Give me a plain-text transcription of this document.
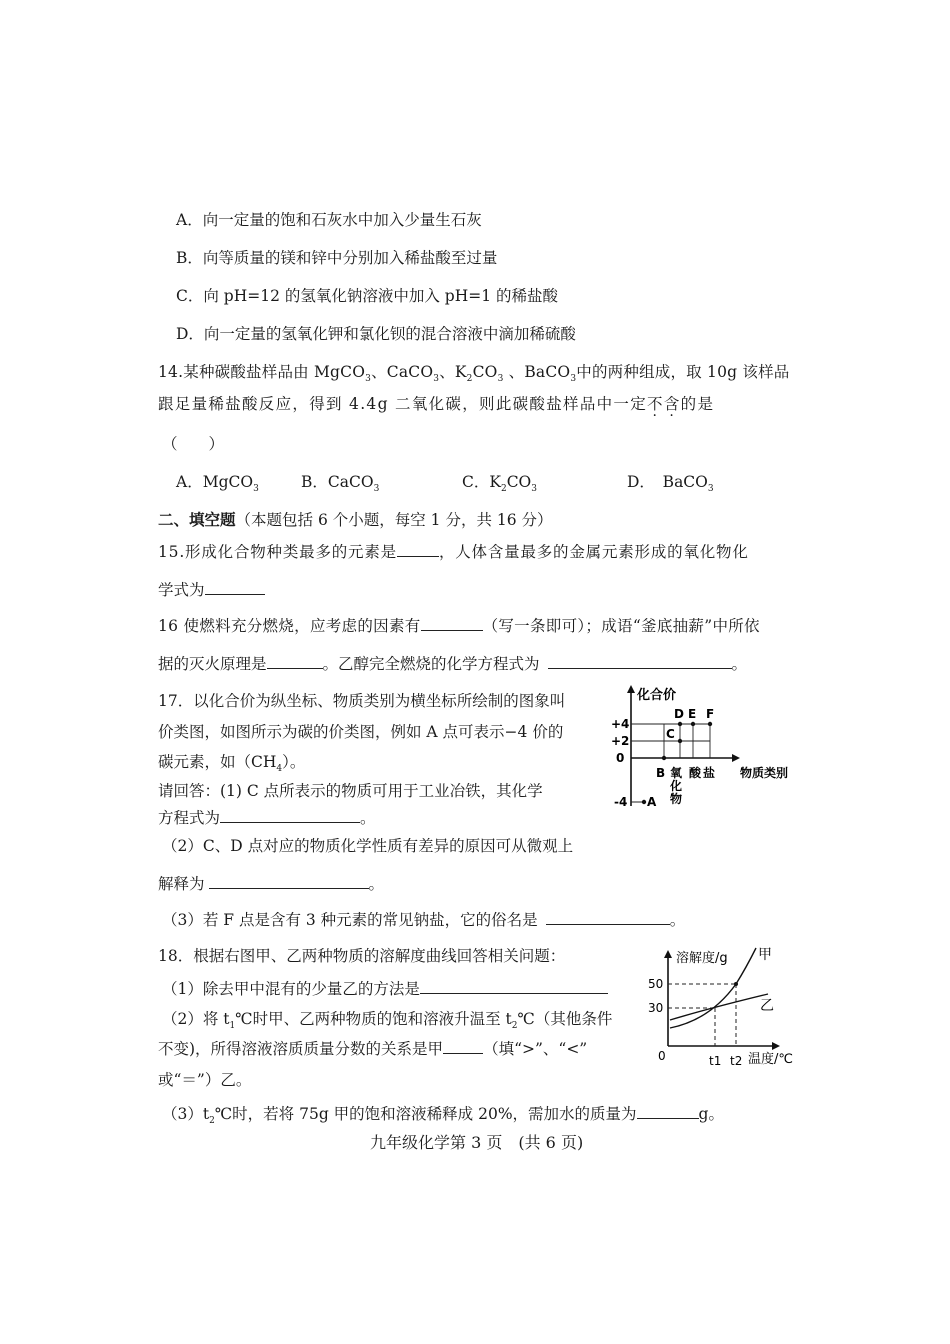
A．向一定量的饱和石灰水中加入少量生石灰
B．向等质量的镁和锌中分别加入稀盐酸至过量
C．向 pH=12 的氢氧化钠溶液中加入 pH=1 的稀盐酸
D．向一定量的氢氧化钾和氯化钡的混合溶液中滴加稀硫酸
14.某种碳酸盐样品由 MgCO$_3$、CaCO$_3$、$K_2CO_3$ 、BaCO$_3$中的两种组成，取 10g 该样品
跟足量稀盐酸反应，得到 4.4g 二氧化碳，则此碳酸盐样品中一定不含的是
（　　）
A．MgCO$_3$	B．CaCO$_3$	C．$K_2CO_3$	D．　BaCO$_3$
二、填空题（本题包括 6 个小题，每空 1 分，共 16 分）
15.形成化合物种类最多的元素是	，人体含量最多的金属元素形成的氧化物化
学式为
16 使燃料充分燃烧，应考虑的因素有	（写一条即可）；成语“釜底抽薪”中所依
据的灭火原理是	。乙醇完全燃烧的化学方程式为	。
17．以化合价为纵坐标、物质类别为横坐标所绘制的图象叫
价类图，如图所示为碳的价类图，例如 A 点可表示−4 价的
碳元素，如$(CH_4)$。
请回答：(1) C 点所表示的物质可用于工业冶铁，其化学
方程式为	。
（2）C、D 点对应的物质化学性质有差异的原因可从微观上
解释为	。
（3）若 F 点是含有 3 种元素的常见钠盐，它的俗名是	。
化合价
+4
+2
0
-4
D E F
C
B
A
氧
化
物
酸 盐 物质类别
18．根据右图甲、乙两种物质的溶解度曲线回答相关问题：
（1）除去甲中混有的少量乙的方法是
（2）将 $t_1℃$时甲、乙两种物质的饱和溶液升温至 $t_2℃$（其他条件
不变)，所得溶液溶质质量分数的关系是甲	（填“>”、“<”
或“＝”）乙。
$(3)t_2℃$时，若将 75g 甲的饱和溶液稀释成 20%，需加水的质量为	g。
溶解度/g 甲
乙
50
30
0	t1 t2 温度/℃
九年级化学第 3 页　(共 6 页)
